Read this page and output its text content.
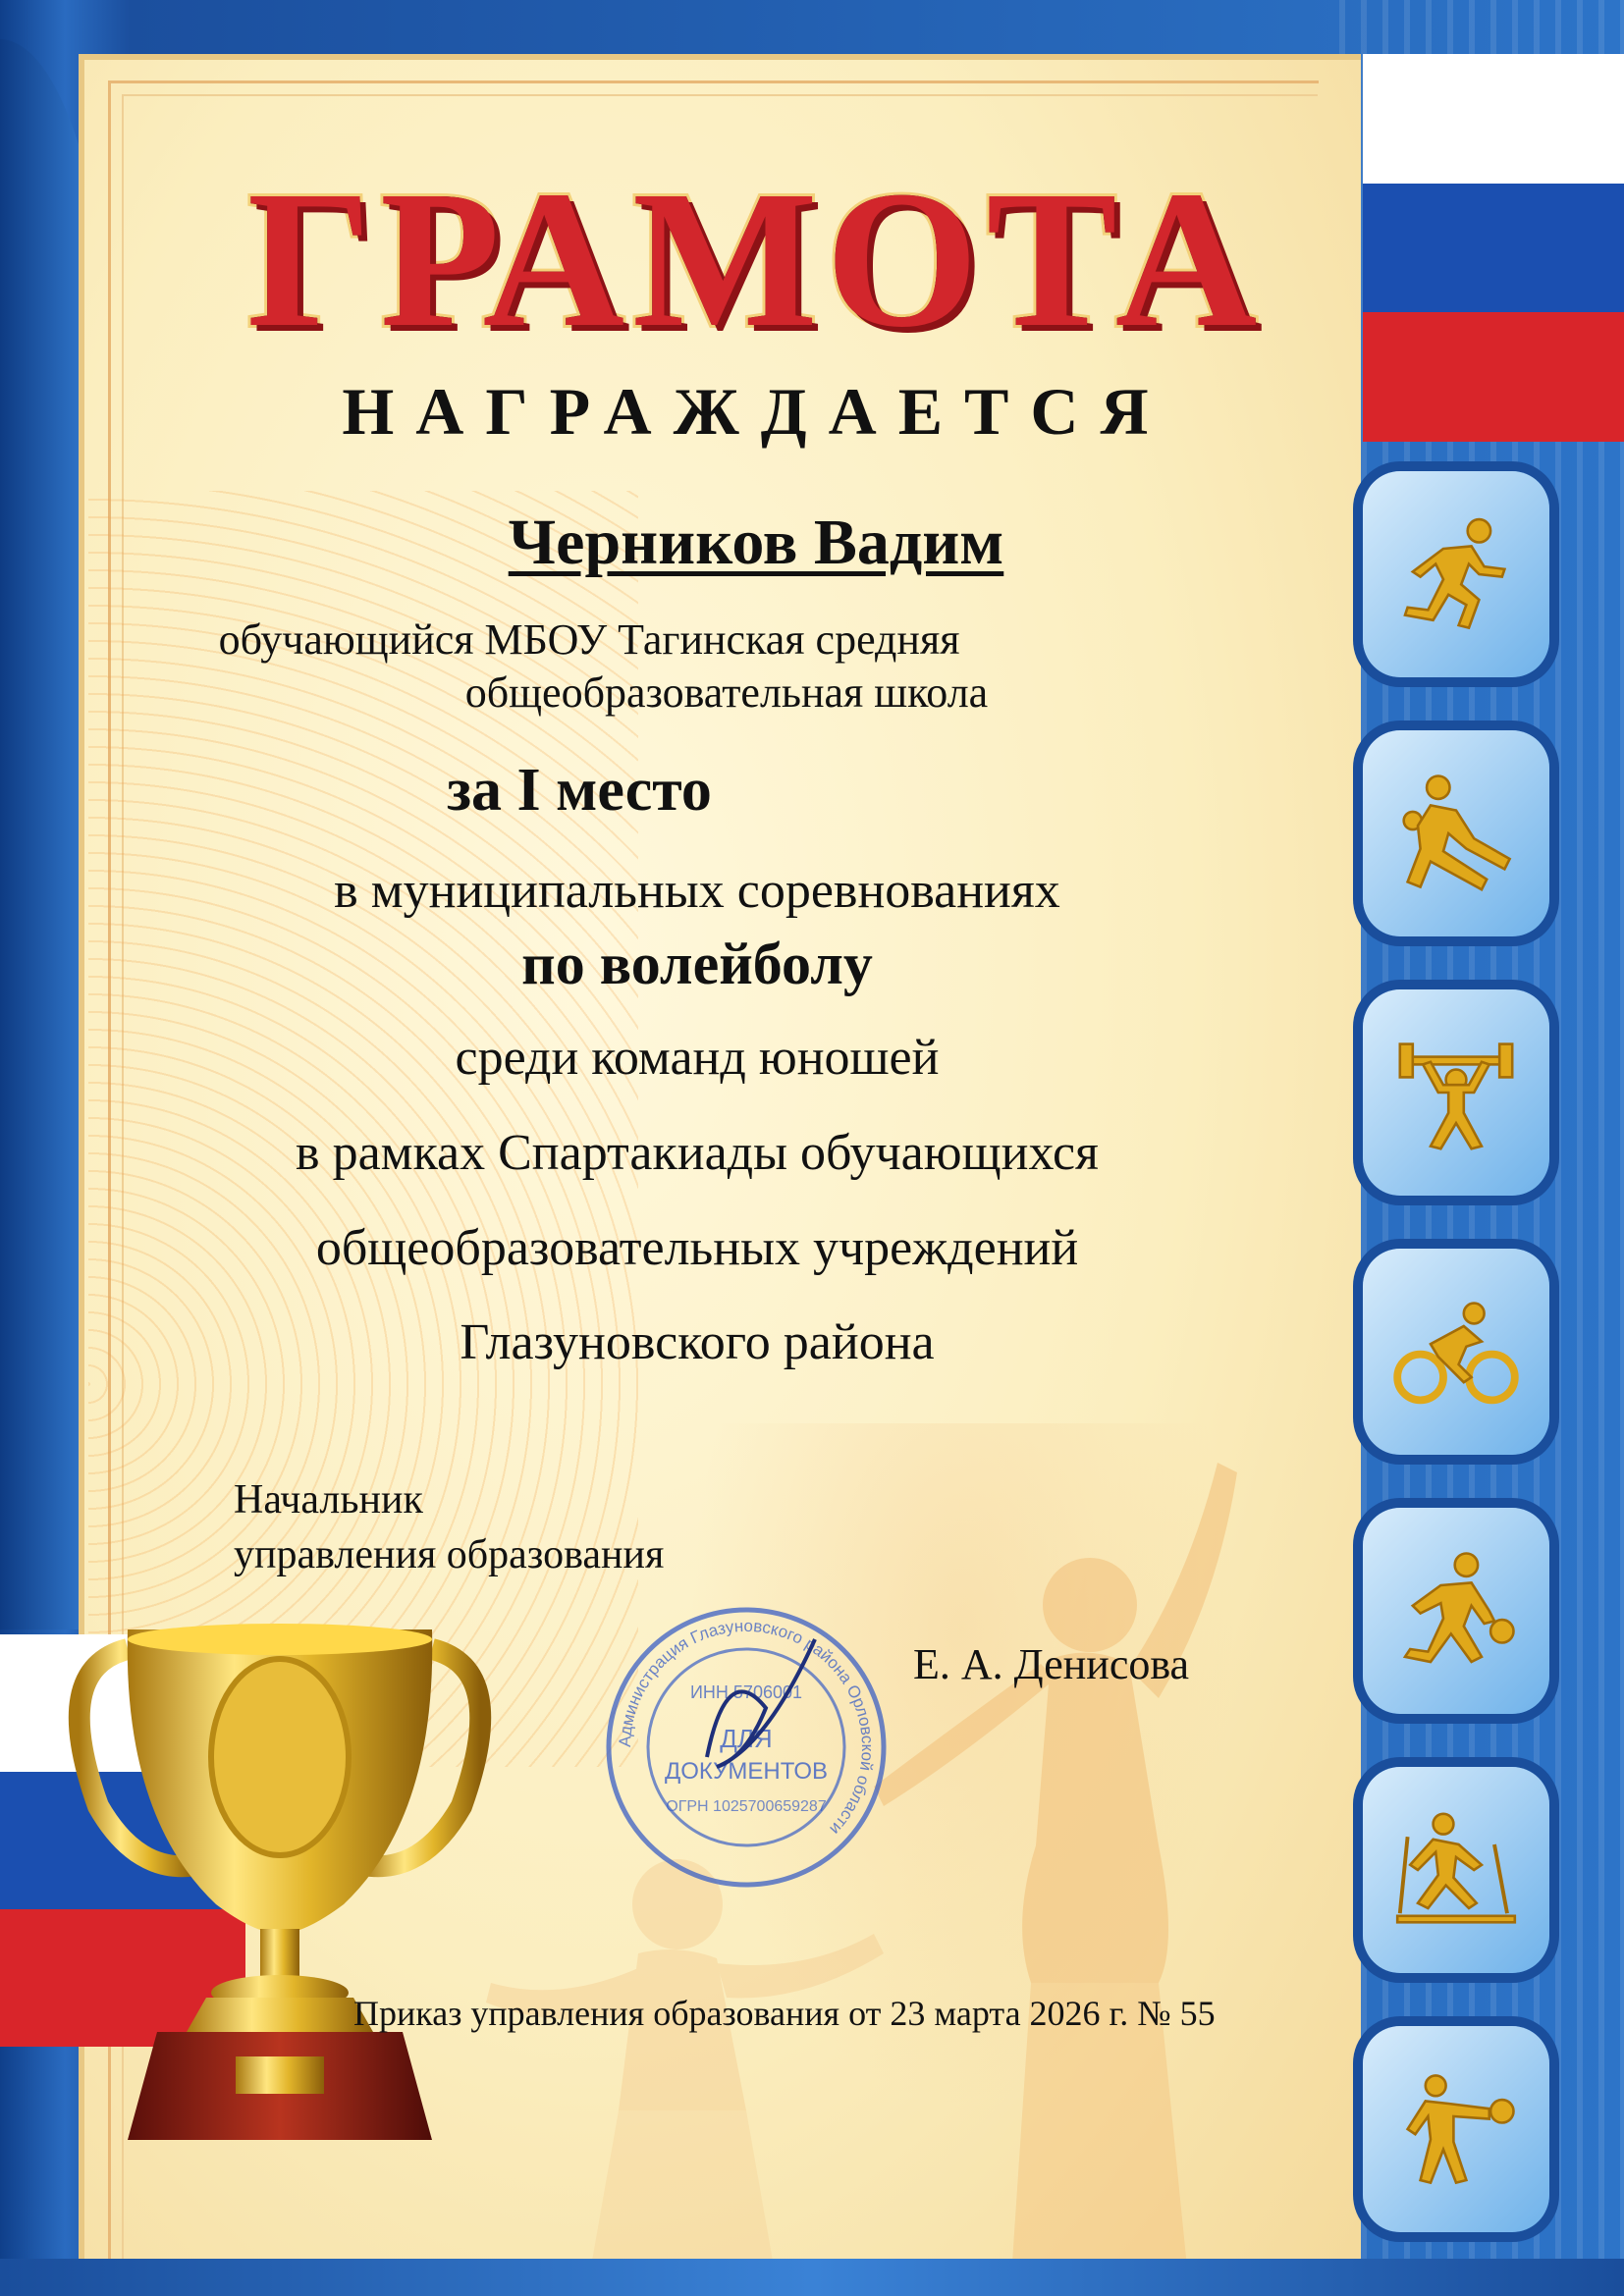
ГРАМОТА
НАГРАЖДАЕТСЯ
Черников Вадим
обучающийся МБОУ Тагинская средняя
общеобразовательная школа
за I место
в муниципальных соревнованиях
по волейболу
среди команд юношей
в рамках Спартакиады обучающихся
общеобразовательных учреждений
Глазуновского района
Начальник
управления образования
Администрация Глазуновского района Орловской области
ИНН 5706001
ДЛЯ
ДОКУМЕНТОВ
ОГРН 1025700659287
Е. А. Денисова
Приказ управления образования от 23 марта 2026 г. № 55
